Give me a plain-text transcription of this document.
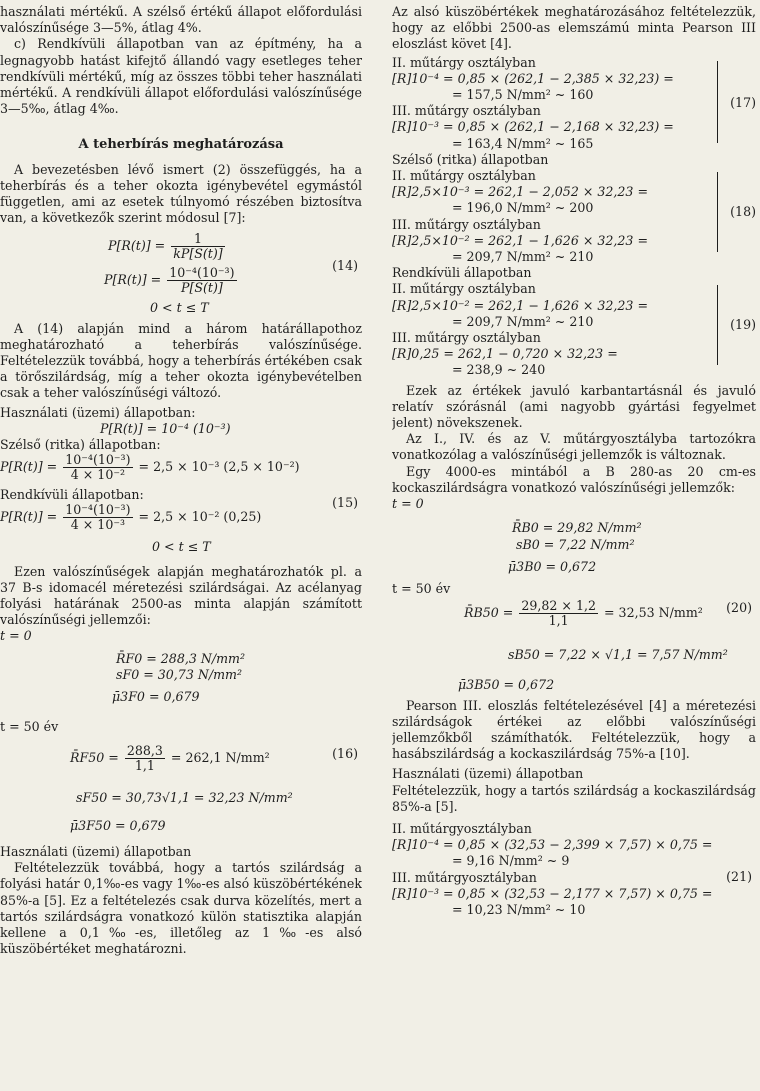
használati mértékű. A szélső értékű állapot előfordulási valószínűsége 3—5%, átlag 4%.

c) Rendkívüli állapotban van az építmény, ha a legnagyobb hatást kifejtő állandó vagy esetleges teher rendkívüli mértékű, míg az összes többi teher használati mértékű. A rendkívüli állapot előfordulási valószínűsége 3—5‰, átlag 4‰.

A teherbírás meghatározása

A bevezetésben lévő ismert (2) összefüggés, ha a teherbírás és a teher okozta igénybevétel egymástól független, ami az esetek túlnyomó részében biztosítva van, a következők szerint módosul [7]:

$P[R(t)] = \frac{1}{kP[S(t)]}$
$P[R(t)] = \frac{\text{10⁻⁴(10⁻³)}}{P[S(t)]}$
0 < t ≤ T
(14)

A (14) alapján mind a három határállapothoz meghatározható a teherbírás valószínűsége. Feltételezzük továbbá, hogy a teherbírás értékében csak a törőszilárdság, míg a teher okozta igénybevételben csak a teher valószínűségi változó.

Használati (üzemi) állapotban:
P[R(t)] = 10⁻⁴ (10⁻³)
Szélső (ritka) állapotban:
$P[R(t)] = \frac{\text{10⁻⁴(10⁻³)}}{\text{4 × 10⁻²}} = 2,5 \times 10^{-3}$ (2,5 × 10⁻²)
Rendkívüli állapotban:
$P[R(t)] = \frac{\text{10⁻⁴(10⁻³)}}{\text{4 × 10⁻³}} = 2,5 \times 10^{-2}$ (0,25)
0 < t ≤ T
(15)

Ezen valószínűségek alapján meghatározhatók pl. a 37 B-s idomacél méretezési szilárdságai. Az acélanyag folyási határának 2500-as minta alapján számított valószínűségi jellemzői:

t = 0
R̄F0 = 288,3 N/mm²
sF0 = 30,73 N/mm²
μ̄3F0 = 0,679
t = 50 év
R̄F50 = $\frac{288,3}{1,1} = 262,1$ N/mm²
sF50 = 30,73√1,1 = 32,23 N/mm²
μ̄3F50 = 0,679
(16)
Használati (üzemi) állapotban

Feltételezzük továbbá, hogy a tartós szilárdság a folyási határ 0,1‰-es vagy 1‰-es alsó küszöbértékének 85%-a [5]. Ez a feltételezés csak durva közelítés, mert a tartós szilárdságra vonatkozó külön statisztika alapján kellene a 0,1‰-es, illetőleg az 1‰-es alsó küszöbértéket meghatározni.

Az alsó küszöbértékek meghatározásához feltételezzük, hogy az előbbi 2500-as elemszámú minta Pearson III eloszlást követ [4].

II. műtárgy osztályban
[R]10⁻⁴ = 0,85 × (262,1 − 2,385 × 32,23) =
= 157,5 N/mm² ~ 160
III. műtárgy osztályban
[R]10⁻³ = 0,85 × (262,1 − 2,168 × 32,23) =
= 163,4 N/mm² ~ 165
(17)
Szélső (ritka) állapotban
II. műtárgy osztályban
[R]2,5×10⁻³ = 262,1 − 2,052 × 32,23 =
= 196,0 N/mm² ~ 200
III. műtárgy osztályban
[R]2,5×10⁻² = 262,1 − 1,626 × 32,23 =
= 209,7 N/mm² ~ 210
(18)
Rendkívüli állapotban
II. műtárgy osztályban
[R]2,5×10⁻² = 262,1 − 1,626 × 32,23 =
= 209,7 N/mm² ~ 210
III. műtárgy osztályban
[R]0,25 = 262,1 − 0,720 × 32,23 =
= 238,9 ~ 240
(19)

Ezek az értékek javuló karbantartásnál és javuló relatív szórásnál (ami nagyobb gyártási fegyelmet jelent) növekszenek.

Az I., IV. és az V. műtárgyosztályba tartozókra vonatkozólag a valószínűségi jellemzők is változnak.

Egy 4000-es mintából a B 280-as 20 cm-es kockaszilárdságra vonatkozó valószínűségi jellemzők:

t = 0
R̄B0 = 29,82 N/mm²
sB0 = 7,22 N/mm²
μ̄3B0 = 0,672
t = 50 év
R̄B50 = $\frac{29,82 \times 1,2}{1,1} = 32,53$ N/mm²
sB50 = 7,22 × √1,1 = 7,57 N/mm²
μ̄3B50 = 0,672
(20)

Pearson III. eloszlás feltételezésével [4] a méretezési szilárdságok értékei az előbbi valószínűségi jellemzőkből számíthatók. Feltételezzük, hogy a hasábszilárdság a kockaszilárdság 75%-a [10].

Használati (üzemi) állapotban

Feltételezzük, hogy a tartós szilárdság a kockaszilárdság 85%-a [5].

II. műtárgyosztályban
[R]10⁻⁴ = 0,85 × (32,53 − 2,399 × 7,57) × 0,75 =
= 9,16 N/mm² ~ 9
III. műtárgyosztályban
[R]10⁻³ = 0,85 × (32,53 − 2,177 × 7,57) × 0,75 =
= 10,23 N/mm² ~ 10
(21)
